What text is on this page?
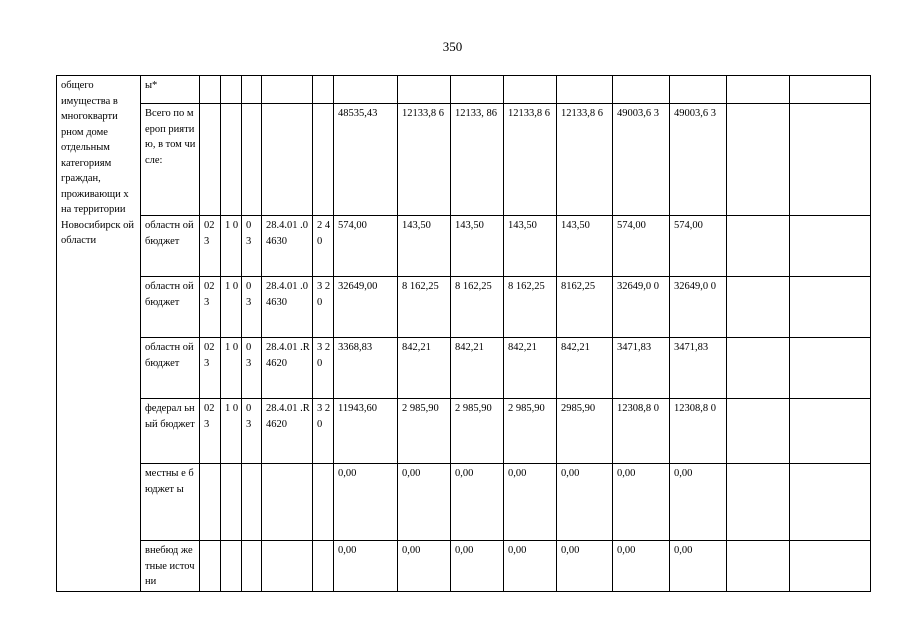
350
общего имущества в многокварти рном доме отдельным категориям граждан, проживающи х на территории Новосибирск ой области	ы*														
	Всего по мероп риятию, в том числе:						48535,43	12133,8 6	12133, 86	12133,8 6	12133,8 6	49003,6 3	49003,6 3		
	областн ой бюджет	02 3	1 0	0 3	28.4.01 .04630	2 4 0	574,00	143,50	143,50	143,50	143,50	574,00	574,00		
	областн ой бюджет	02 3	1 0	0 3	28.4.01 .04630	3 2 0	32649,00	8 162,25	8 162,25	8 162,25	8162,25	32649,0 0	32649,0 0		
	областн ой бюджет	02 3	1 0	0 3	28.4.01 .R4620	3 2 0	3368,83	842,21	842,21	842,21	842,21	3471,83	3471,83		
	федерал ьный бюджет	02 3	1 0	0 3	28.4.01 .R4620	3 2 0	11943,60	2 985,90	2 985,90	2 985,90	2985,90	12308,8 0	12308,8 0		
	местны е бюджет ы						0,00	0,00	0,00	0,00	0,00	0,00	0,00		
	внебюд жетные источни						0,00	0,00	0,00	0,00	0,00	0,00	0,00		
